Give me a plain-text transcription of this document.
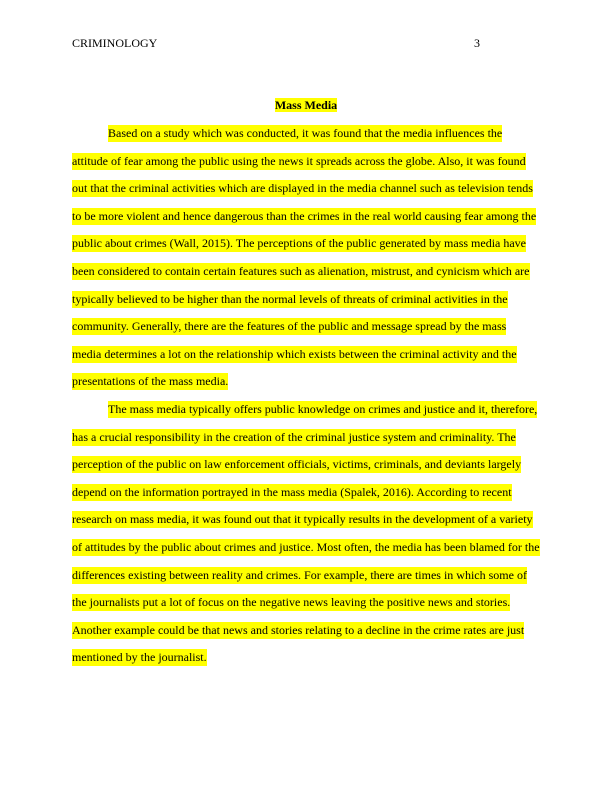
CRIMINOLOGY	3
Mass Media
Based on a study which was conducted, it was found that the media influences the
attitude of fear among the public using the news it spreads across the globe. Also, it was found
out that the criminal activities which are displayed in the media channel such as television tends
to be more violent and hence dangerous than the crimes in the real world causing fear among the
public about crimes (Wall, 2015). The perceptions of the public generated by mass media have
been considered to contain certain features such as alienation, mistrust, and cynicism which are
typically believed to be higher than the normal levels of threats of criminal activities in the
community. Generally, there are the features of the public and message spread by the mass
media determines a lot on the relationship which exists between the criminal activity and the
presentations of the mass media.
The mass media typically offers public knowledge on crimes and justice and it, therefore,
has a crucial responsibility in the creation of the criminal justice system and criminality. The
perception of the public on law enforcement officials, victims, criminals, and deviants largely
depend on the information portrayed in the mass media (Spalek, 2016). According to recent
research on mass media, it was found out that it typically results in the development of a variety
of attitudes by the public about crimes and justice. Most often, the media has been blamed for the
differences existing between reality and crimes. For example, there are times in which some of
the journalists put a lot of focus on the negative news leaving the positive news and stories.
Another example could be that news and stories relating to a decline in the crime rates are just
mentioned by the journalist.
